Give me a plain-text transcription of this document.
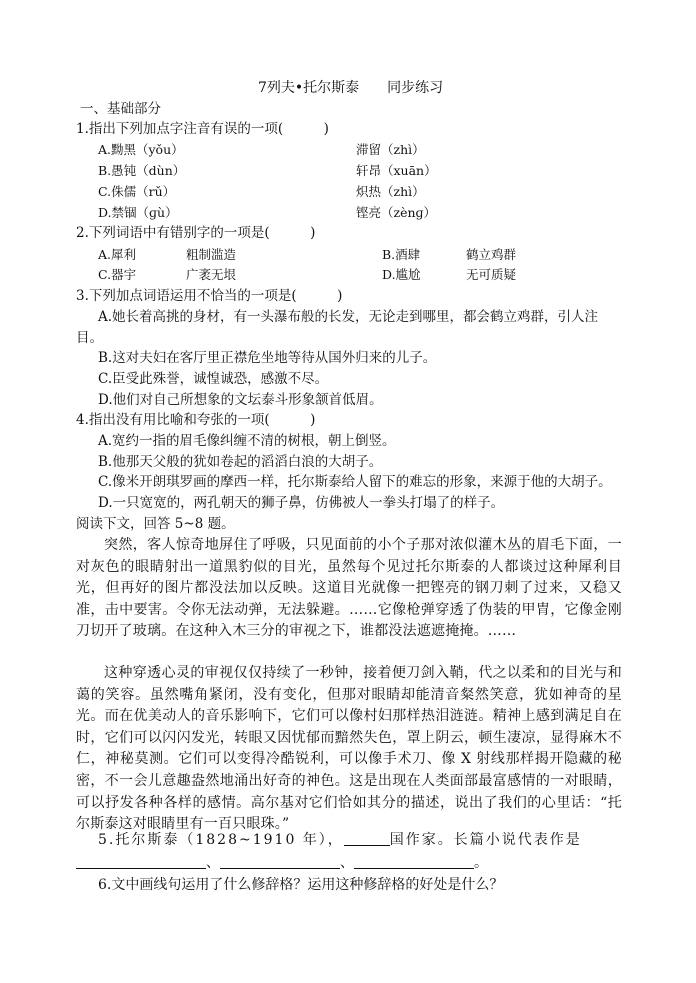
7列夫•托尔斯泰　　同步练习
一、基础部分
1.指出下列加点字注音有误的一项(　　　)
A.黝黑（yǒu）	滞留（zhì）
B.愚钝（dùn）	轩昂（xuān）
C.侏儒（rǔ）	炽热（zhì）
D.禁锢（ɡù）	铿亮（zènɡ）
2.下列词语中有错别字的一项是(　　　)
A.犀利	粗制滥造	B.酒肆	鹤立鸡群
C.器宇	广袤无垠	D.尴尬	无可质疑
3.下列加点词语运用不恰当的一项是(　　　)
A.她长着高挑的身材，有一头瀑布般的长发，无论走到哪里，都会鹤立鸡群，引人注
目。
B.这对夫妇在客厅里正襟危坐地等待从国外归来的儿子。
C.臣受此殊誉，诚惶诚恐，感激不尽。
D.他们对自己所想象的文坛泰斗形象颔首低眉。
4.指出没有用比喻和夸张的一项(　　　)
A.宽约一指的眉毛像纠缠不清的树根，朝上倒竖。
B.他那天父般的犹如卷起的滔滔白浪的大胡子。
C.像米开朗琪罗画的摩西一样，托尔斯泰给人留下的难忘的形象，来源于他的大胡子。
D.一只宽宽的，两孔朝天的狮子鼻，仿佛被人一拳头打塌了的样子。
阅读下文，回答 5~8 题。
突然，客人惊奇地屏住了呼吸，只见面前的小个子那对浓似灌木丛的眉毛下面，一对灰色的眼睛射出一道黑豹似的目光，虽然每个见过托尔斯泰的人都谈过这种犀利目光，但再好的图片都没法加以反映。这道目光就像一把铿亮的钢刀刺了过来，又稳又准，击中要害。令你无法动弹，无法躲避。……它像枪弹穿透了伪装的甲胄，它像金刚刀切开了玻璃。在这种入木三分的审视之下，谁都没法遮遮掩掩。……
这种穿透心灵的审视仅仅持续了一秒钟，接着便刀剑入鞘，代之以柔和的目光与和蔼的笑容。虽然嘴角紧闭，没有变化，但那对眼睛却能清音粲然笑意，犹如神奇的星光。而在优美动人的音乐影响下，它们可以像村妇那样热泪涟涟。精神上感到满足自在时，它们可以闪闪发光，转眼又因忧郁而黯然失色，罩上阴云，顿生凄凉，显得麻木不仁，神秘莫测。它们可以变得冷酷锐利，可以像手术刀、像 X 射线那样揭开隐藏的秘密，不一会儿意趣盎然地涌出好奇的神色。这是出现在人类面部最富感情的一对眼睛，可以抒发各种各样的感情。高尔基对它们恰如其分的描述，说出了我们的心里话：“托尔斯泰这对眼睛里有一百只眼珠。”
5.托尔斯泰（1828~1910 年），	国作家。长篇小说代表作是
、	、	。
6.文中画线句运用了什么修辞格？运用这种修辞格的好处是什么？
